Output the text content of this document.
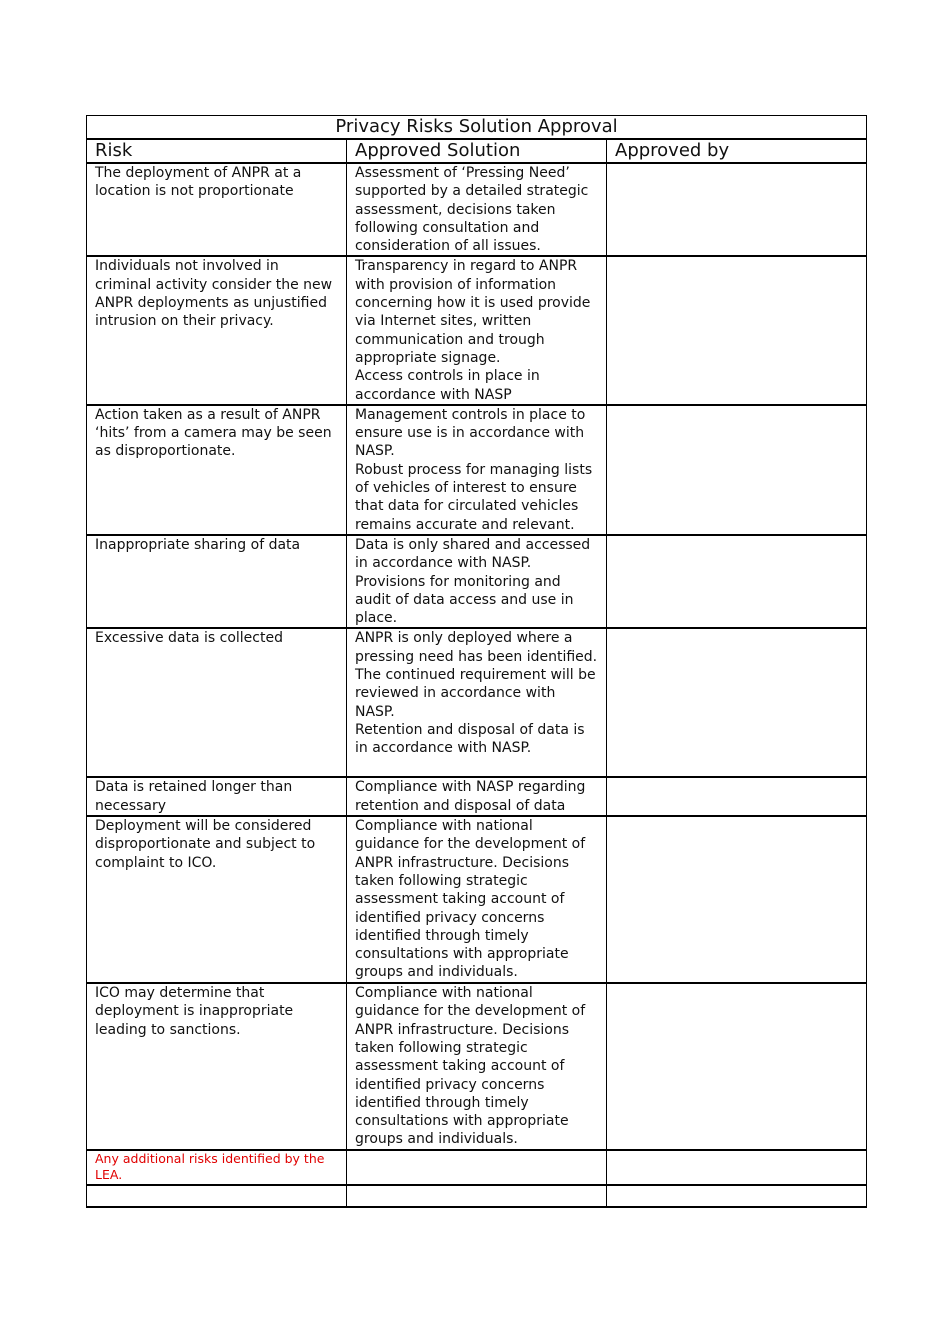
Privacy Risks Solution Approval		
Risk	Approved Solution	Approved by

The deployment of ANPR at a location is not proportionate	Assessment of ‘Pressing Need’ supported by a detailed strategic assessment, decisions taken following consultation and consideration of all issues.	

Individuals not involved in criminal activity consider the new ANPR deployments as unjustified intrusion on their privacy.	Transparency in regard to ANPR with provision of information concerning how it is used provide via Internet sites, written communication and trough appropriate signage.
Access controls in place in accordance with NASP	

Action taken as a result of ANPR ‘hits’ from a camera may be seen as disproportionate.	Management controls in place to ensure use is in accordance with NASP.
Robust process for managing lists of vehicles of interest to ensure that data for circulated vehicles remains accurate and relevant.	

Inappropriate sharing of data	Data is only shared and accessed in accordance with NASP.
Provisions for monitoring and audit of data access and use in place.	

Excessive data is collected	ANPR is only deployed where a pressing need has been identified.
The continued requirement will be reviewed in accordance with NASP.
Retention and disposal of data is in accordance with NASP.	

Data is retained longer than necessary	Compliance with NASP regarding retention and disposal of data	

Deployment will be considered disproportionate and subject to complaint to ICO.	Compliance with national guidance for the development of ANPR infrastructure. Decisions taken following strategic assessment taking account of identified privacy concerns identified through timely consultations with appropriate groups and individuals.	

ICO may determine that deployment is inappropriate leading to sanctions.	Compliance with national guidance for the development of ANPR infrastructure. Decisions taken following strategic assessment taking account of identified privacy concerns identified through timely consultations with appropriate groups and individuals.	

Any additional risks identified by the LEA.		
